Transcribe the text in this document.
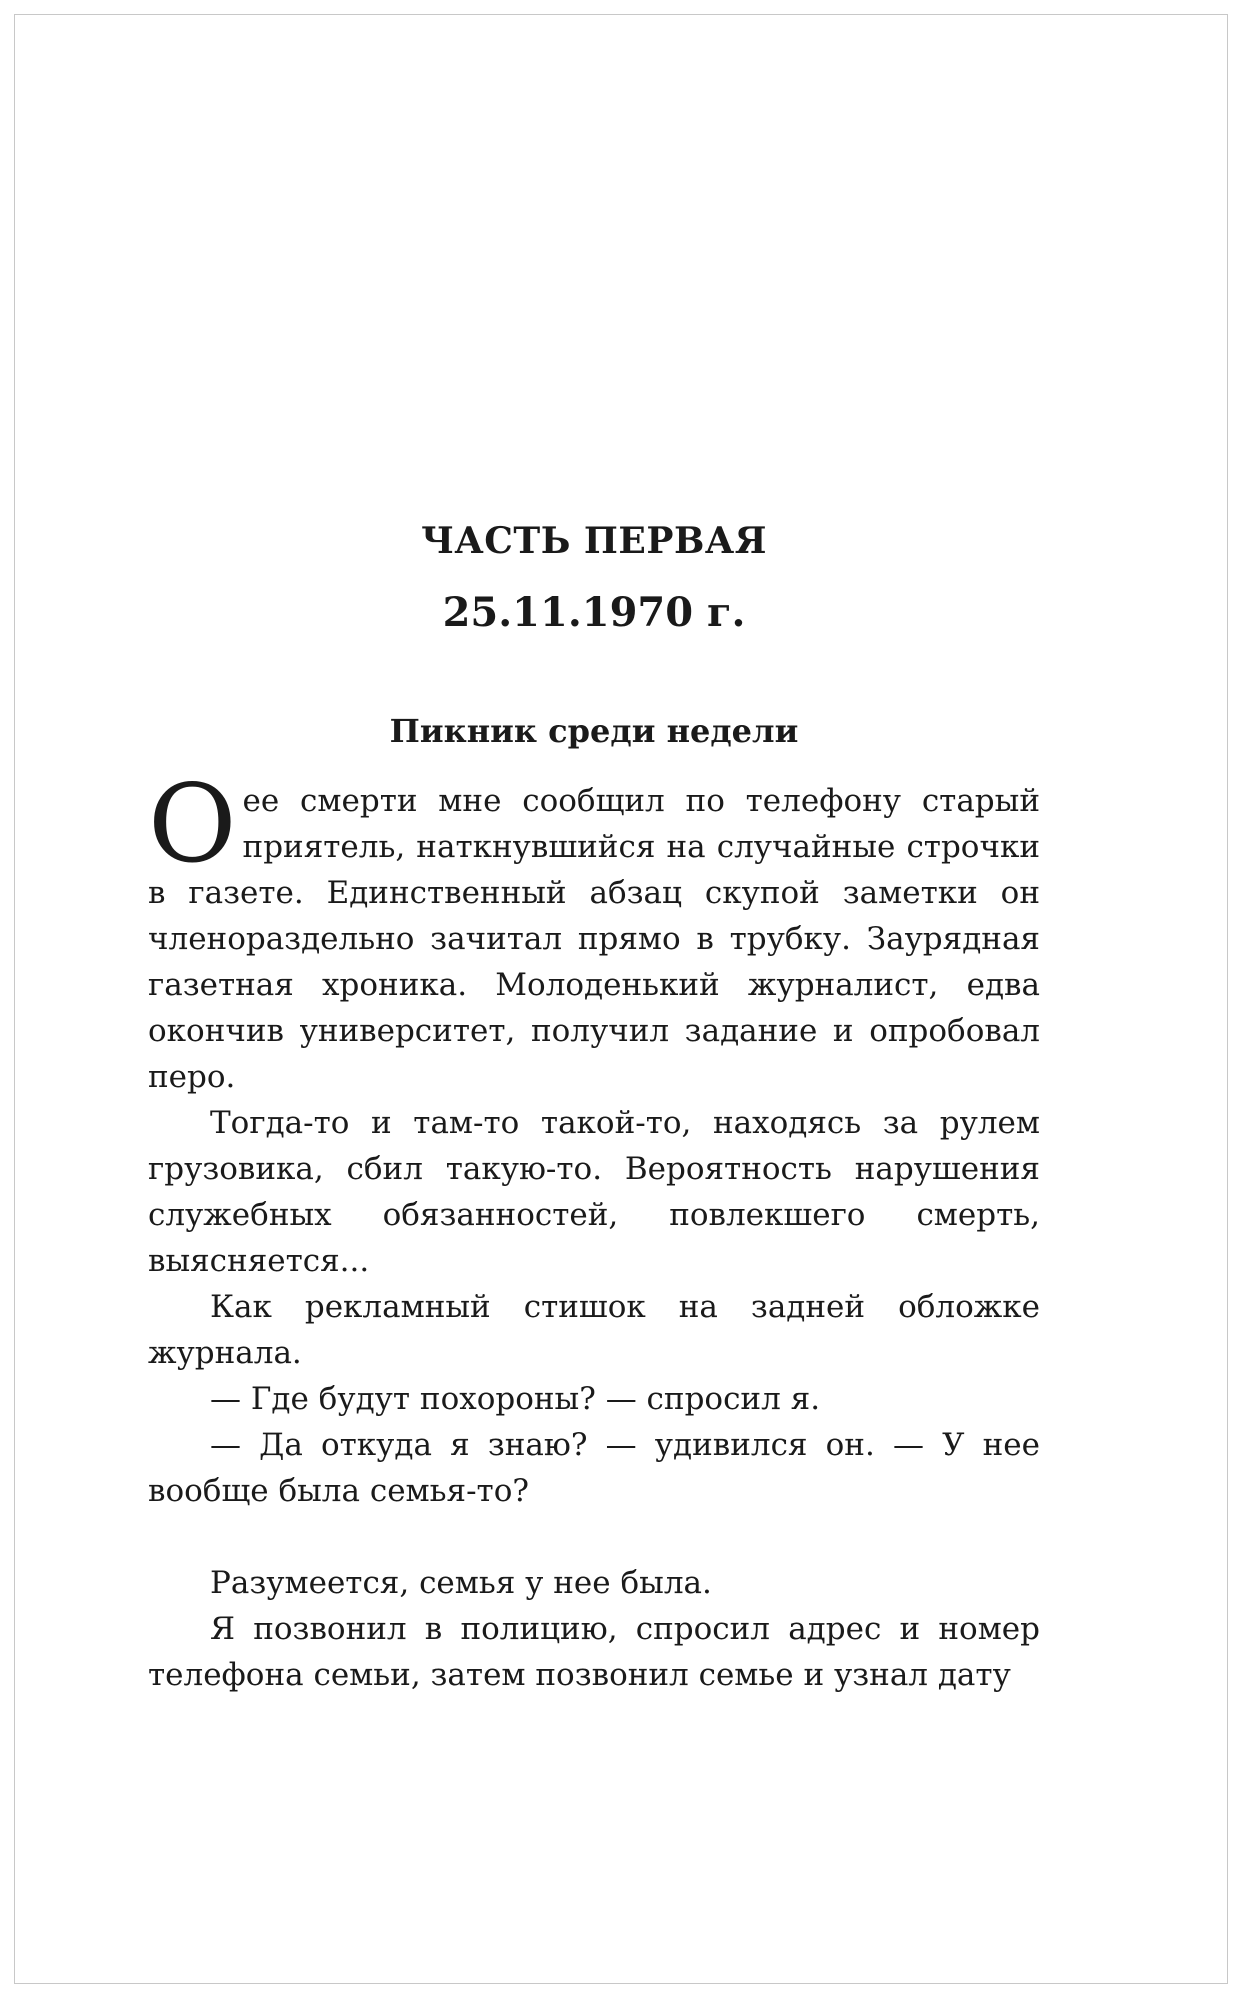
ЧАСТЬ ПЕРВАЯ
25.11.1970 г.
Пикник среди недели

Оее смерти мне сообщил по телефону старый приятель, наткнувшийся на случайные строчки в газете. Единственный абзац скупой заметки он членораздельно зачитал прямо в трубку. Заурядная газетная хроника. Молоденький журналист, едва окончив университет, получил задание и опробовал перо.

Тогда-то и там-то такой-то, находясь за рулем грузовика, сбил такую-то. Вероятность нарушения служебных обязанностей, повлекшего смерть, выясняется...

Как рекламный стишок на задней обложке журнала.

— Где будут похороны? — спросил я.

— Да откуда я знаю? — удивился он. — У нее вообще была семья-то?

Разумеется, семья у нее была.

Я позвонил в полицию, спросил адрес и номер телефона семьи, затем позвонил семье и узнал дату
